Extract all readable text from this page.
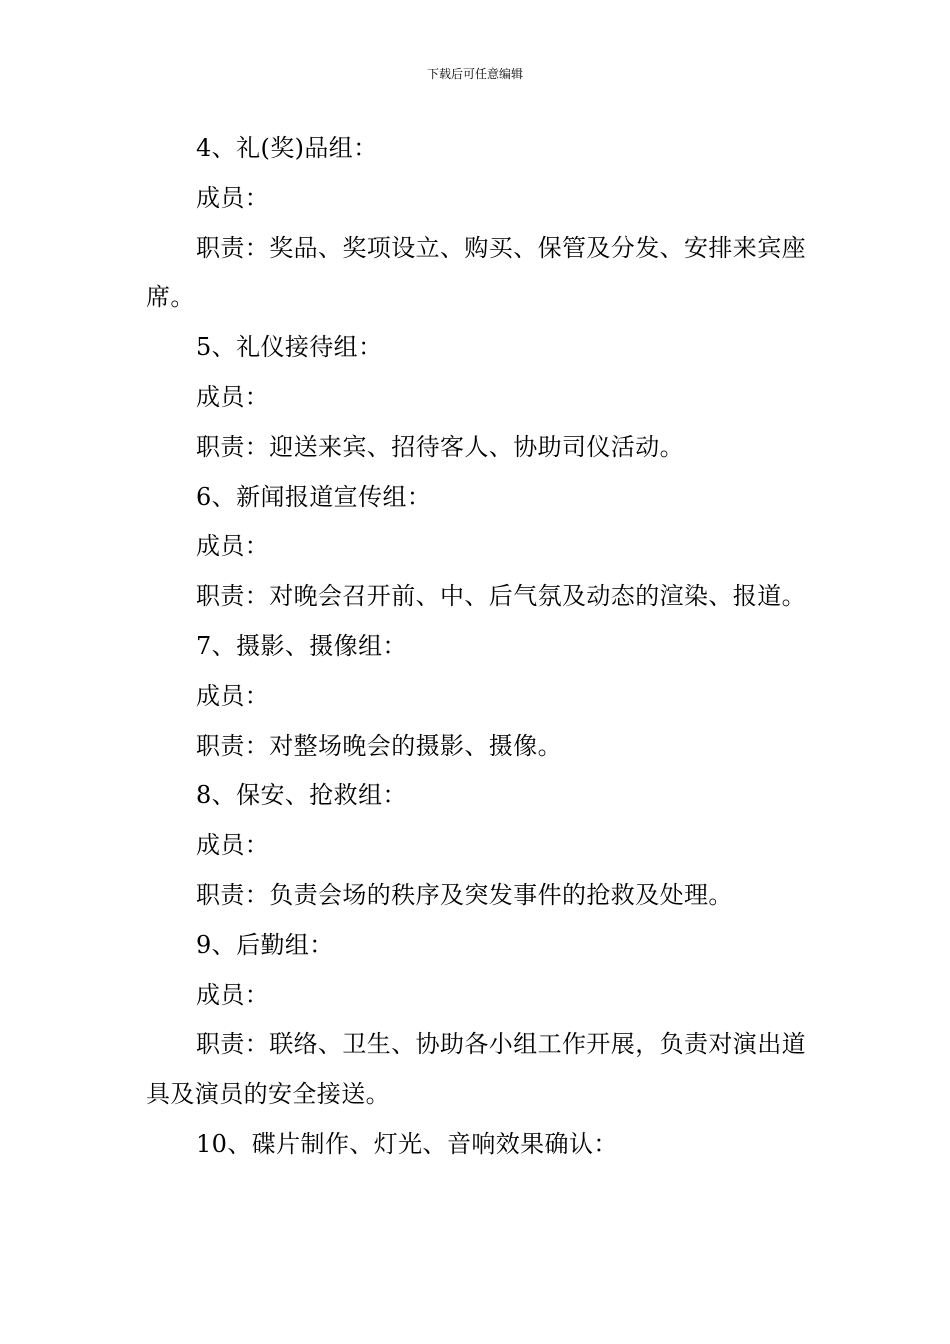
下载后可任意编辑

4、礼(奖)品组：

成员：

职责：奖品、奖项设立、购买、保管及分发、安排来宾座席。

5、礼仪接待组：

成员：

职责：迎送来宾、招待客人、协助司仪活动。

6、新闻报道宣传组：

成员：

职责：对晚会召开前、中、后气氛及动态的渲染、报道。

7、摄影、摄像组：

成员：

职责：对整场晚会的摄影、摄像。

8、保安、抢救组：

成员：

职责：负责会场的秩序及突发事件的抢救及处理。

9、后勤组：

成员：

职责：联络、卫生、协助各小组工作开展，负责对演出道具及演员的安全接送。

10、碟片制作、灯光、音响效果确认：
